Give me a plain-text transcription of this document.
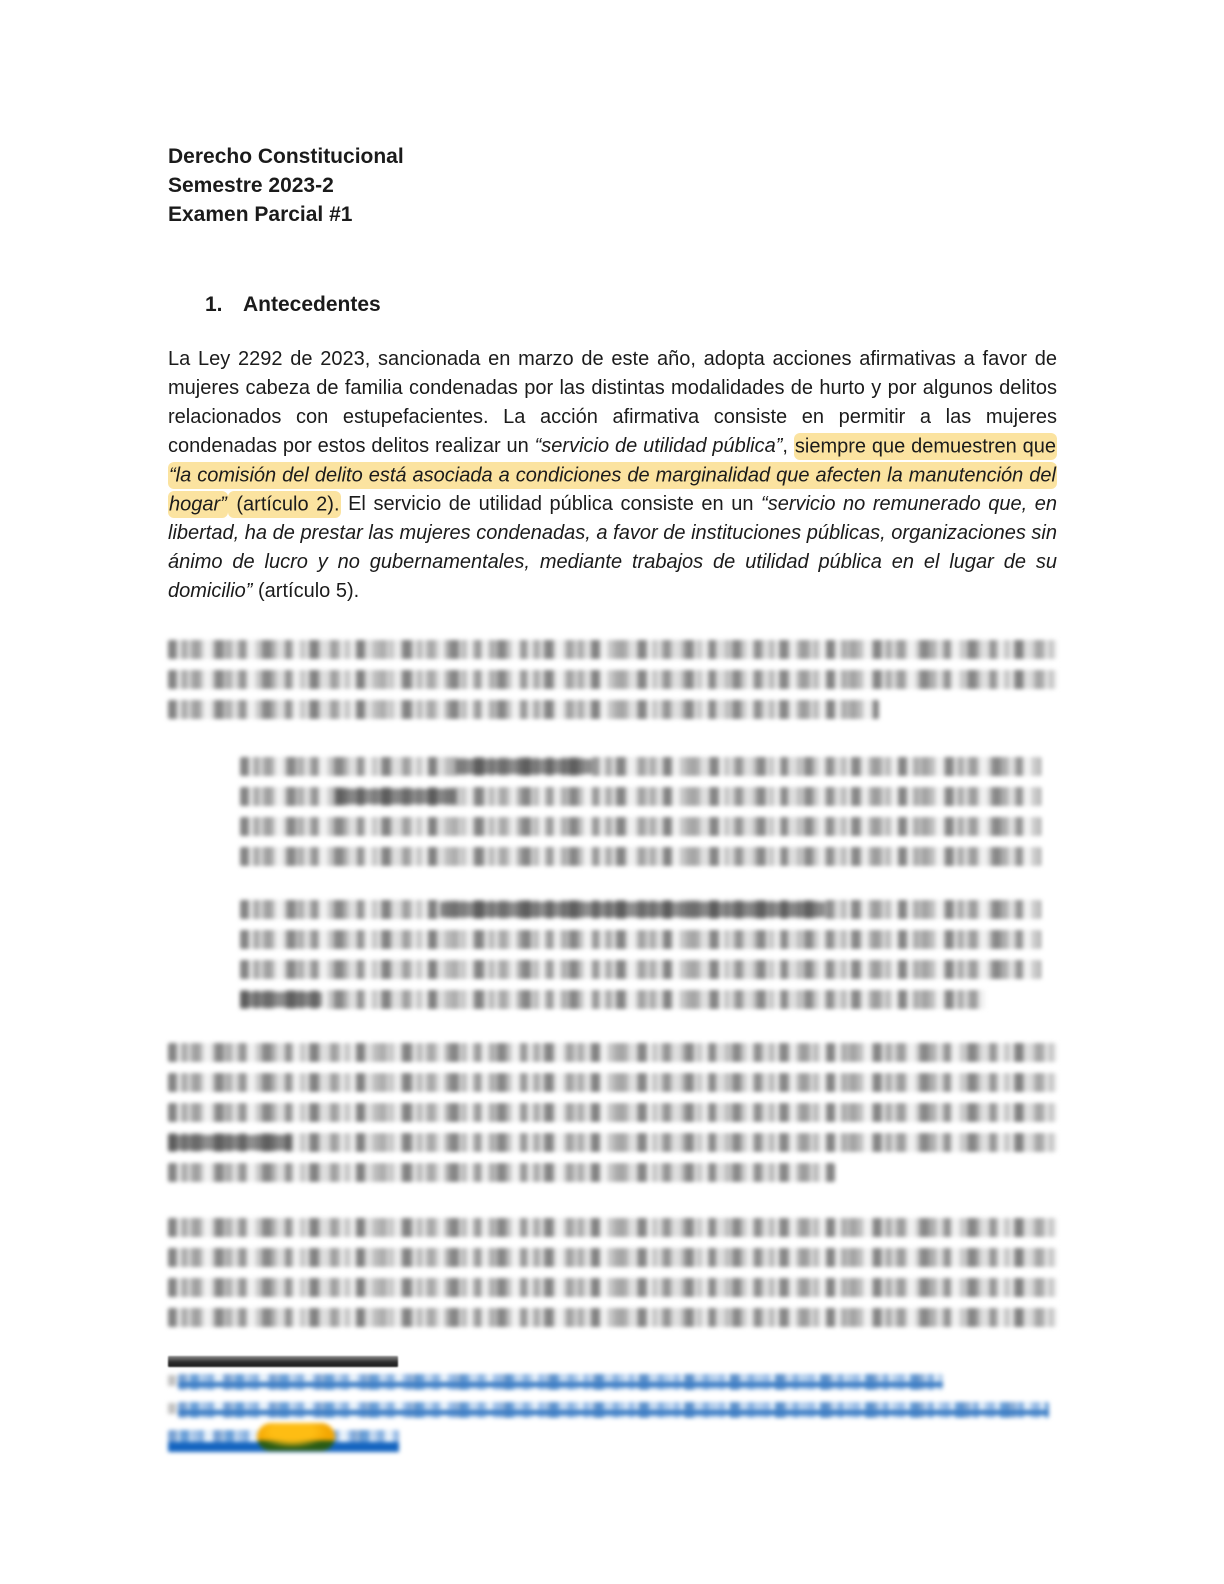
Derecho Constitucional
Semestre 2023-2
Examen Parcial #1
1. Antecedentes

La Ley 2292 de 2023, sancionada en marzo de este año, adopta acciones afirmativas a favor de mujeres cabeza de familia condenadas por las distintas modalidades de hurto y por algunos delitos relacionados con estupefacientes. La acción afirmativa consiste en permitir a las mujeres condenadas por estos delitos realizar un “servicio de utilidad pública”, siempre que demuestren que “la comisión del delito está asociada a condiciones de marginalidad que afecten la manutención del hogar” (artículo 2). El servicio de utilidad pública consiste en un “servicio no remunerado que, en libertad, ha de prestar las mujeres condenadas, a favor de instituciones públicas, organizaciones sin ánimo de lucro y no gubernamentales, mediante trabajos de utilidad pública en el lugar de su domicilio” (artículo 5).
